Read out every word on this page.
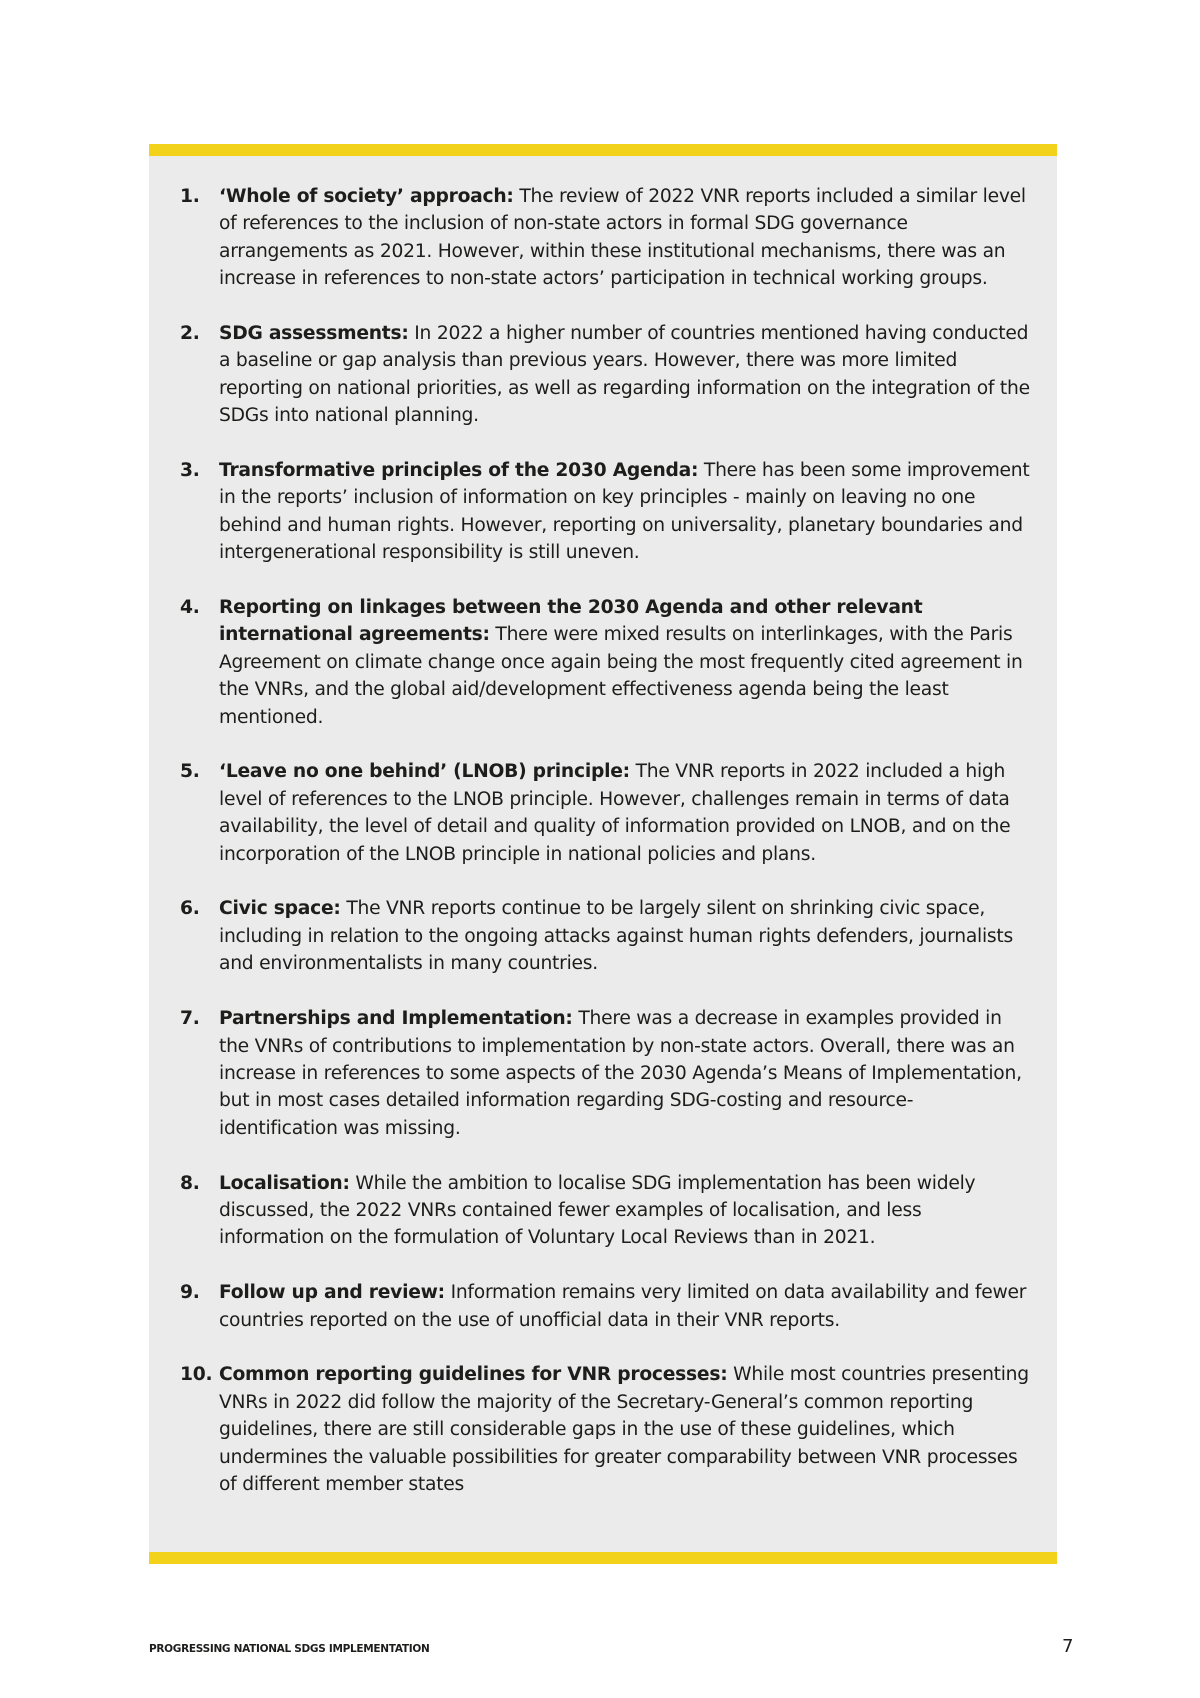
1. ‘Whole of society’ approach: The review of 2022 VNR reports included a similar level of references to the inclusion of non-state actors in formal SDG governance arrangements as 2021. However, within these institutional mechanisms, there was an increase in references to non-state actors’ participation in technical working groups.
2. SDG assessments: In 2022 a higher number of countries mentioned having conducted a baseline or gap analysis than previous years. However, there was more limited reporting on national priorities, as well as regarding information on the integration of the SDGs into national planning.
3. Transformative principles of the 2030 Agenda: There has been some improvement in the reports’ inclusion of information on key principles - mainly on leaving no one behind and human rights. However, reporting on universality, planetary boundaries and intergenerational responsibility is still uneven.
4. Reporting on linkages between the 2030 Agenda and other relevant international agreements: There were mixed results on interlinkages, with the Paris Agreement on climate change once again being the most frequently cited agreement in the VNRs, and the global aid/development effectiveness agenda being the least mentioned.
5. ‘Leave no one behind’ (LNOB) principle: The VNR reports in 2022 included a high level of references to the LNOB principle. However, challenges remain in terms of data availability, the level of detail and quality of information provided on LNOB, and on the incorporation of the LNOB principle in national policies and plans.
6. Civic space: The VNR reports continue to be largely silent on shrinking civic space, including in relation to the ongoing attacks against human rights defenders, journalists and environmentalists in many countries.
7. Partnerships and Implementation: There was a decrease in examples provided in the VNRs of contributions to implementation by non-state actors. Overall, there was an increase in references to some aspects of the 2030 Agenda’s Means of Implementation, but in most cases detailed information regarding SDG-costing and resource-identification was missing.
8. Localisation: While the ambition to localise SDG implementation has been widely discussed, the 2022 VNRs contained fewer examples of localisation, and less information on the formulation of Voluntary Local Reviews than in 2021.
9. Follow up and review: Information remains very limited on data availability and fewer countries reported on the use of unofficial data in their VNR reports.
10. Common reporting guidelines for VNR processes: While most countries presenting VNRs in 2022 did follow the majority of the Secretary-General’s common reporting guidelines, there are still considerable gaps in the use of these guidelines, which undermines the valuable possibilities for greater comparability between VNR processes of different member states
PROGRESSING NATIONAL SDGS IMPLEMENTATION	7
